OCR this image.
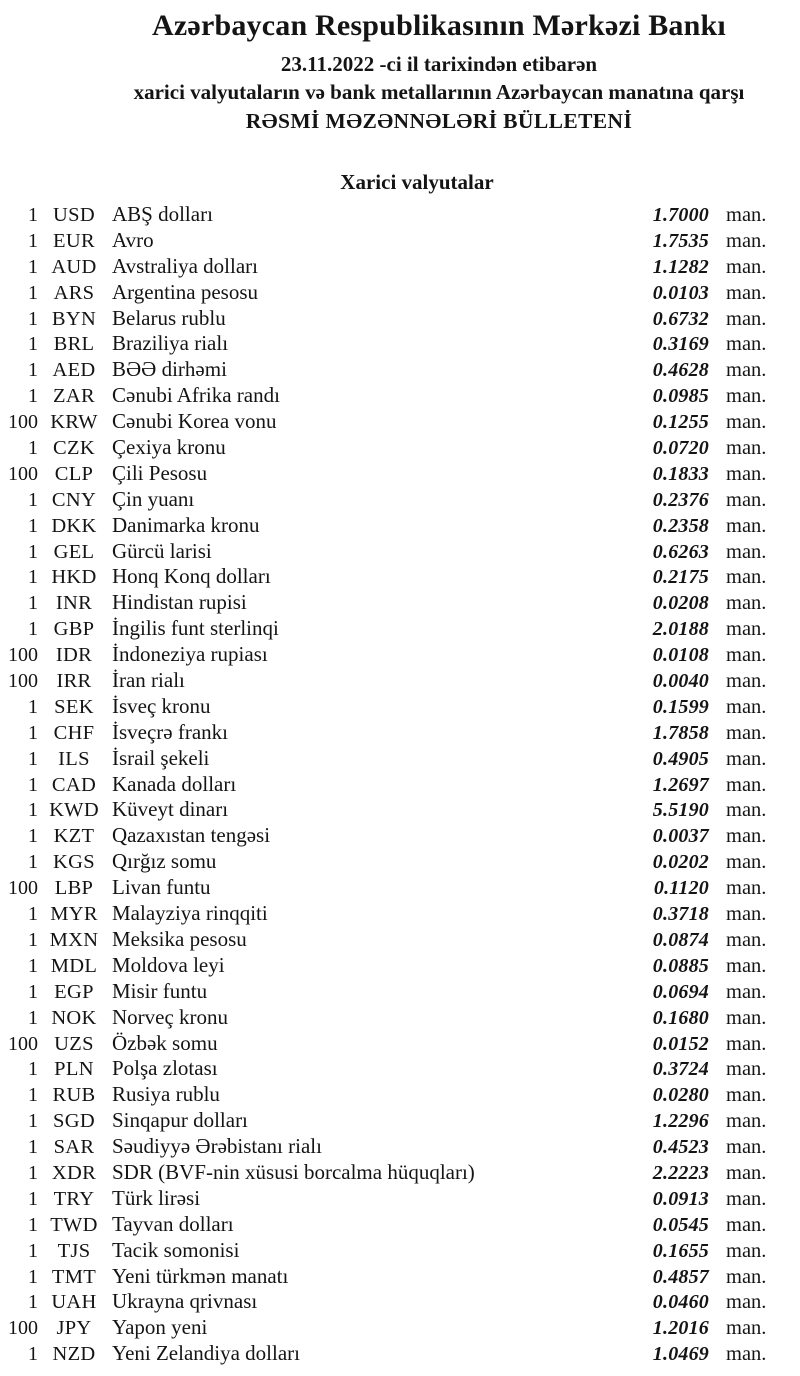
Azərbaycan Respublikasının Mərkəzi Bankı
23.11.2022 -ci il tarixindən etibarən
xarici valyutaların və bank metallarının Azərbaycan manatına qarşı
RƏSMİ MƏZƏNNƏLƏRİ BÜLLETENİ
Xarici valyutalar
1 USD ABŞ dolları	1.7000 man.
1 EUR Avro	1.7535 man.
1 AUD Avstraliya dolları	1.1282 man.
1 ARS Argentina pesosu	0.0103 man.
1 BYN Belarus rublu	0.6732 man.
1 BRL Braziliya rialı	0.3169 man.
1 AED BƏƏ dirhəmi	0.4628 man.
1 ZAR Cənubi Afrika randı	0.0985 man.
100 KRW Cənubi Korea vonu	0.1255 man.
1 CZK Çexiya kronu	0.0720 man.
100 CLP Çili Pesosu	0.1833 man.
1 CNY Çin yuanı	0.2376 man.
1 DKK Danimarka kronu	0.2358 man.
1 GEL Gürcü larisi	0.6263 man.
1 HKD Honq Konq dolları	0.2175 man.
1 INR Hindistan rupisi	0.0208 man.
1 GBP İngilis funt sterlinqi	2.0188 man.
100 IDR İndoneziya rupiası	0.0108 man.
100 IRR İran rialı	0.0040 man.
1 SEK İsveç kronu	0.1599 man.
1 CHF İsveçrə frankı	1.7858 man.
1 ILS	İsrail şekeli	0.4905 man.
1 CAD Kanada dolları	1.2697 man.
1 KWD Küveyt dinarı	5.5190 man.
1 KZT Qazaxıstan tengəsi	0.0037 man.
1 KGS Qırğız somu	0.0202 man.
100 LBP Livan funtu	0.1120 man.
1 MYR Malayziya rinqqiti	0.3718 man.
1 MXN Meksika pesosu	0.0874 man.
1 MDL Moldova leyi	0.0885 man.
1 EGP Misir funtu	0.0694 man.
1 NOK Norveç kronu	0.1680 man.
100 UZS Özbək somu	0.0152 man.
1 PLN Polşa zlotası	0.3724 man.
1 RUB Rusiya rublu	0.0280 man.
1 SGD Sinqapur dolları	1.2296 man.
1 SAR Səudiyyə Ərəbistanı rialı	0.4523 man.
1 XDR SDR (BVF-nin xüsusi borcalma hüquqları)	2.2223 man.
1 TRY Türk lirəsi	0.0913 man.
1 TWD Tayvan dolları	0.0545 man.
1 TJS	Tacik somonisi	0.1655 man.
1 TMT Yeni türkmən manatı	0.4857 man.
1 UAH Ukrayna qrivnası	0.0460 man.
100 JPY Yapon yeni	1.2016 man.
1 NZD Yeni Zelandiya dolları	1.0469 man.
